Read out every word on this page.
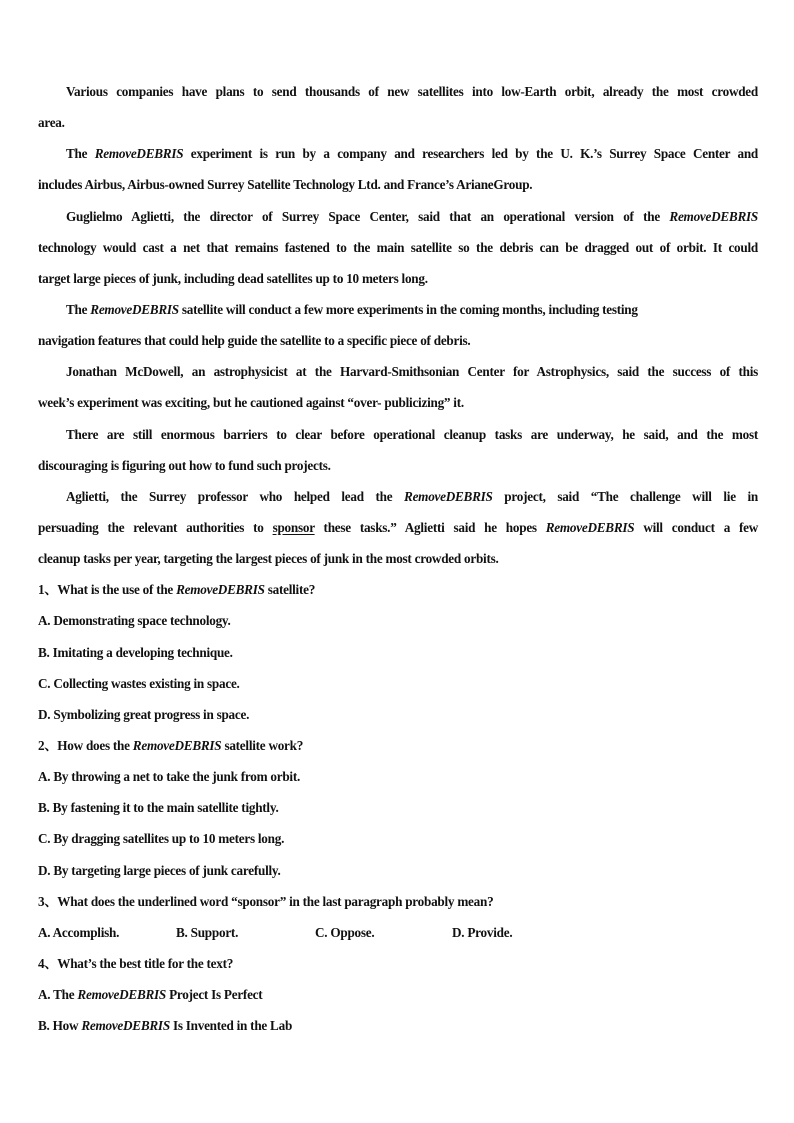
Various companies have plans to send thousands of new satellites into low-Earth orbit, already the most crowded
area.
The RemoveDEBRIS experiment is run by a company and researchers led by the U. K.’s Surrey Space Center and
includes Airbus, Airbus-owned Surrey Satellite Technology Ltd. and France’s ArianeGroup.
Guglielmo Aglietti, the director of Surrey Space Center, said that an operational version of the RemoveDEBRIS
technology would cast a net that remains fastened to the main satellite so the debris can be dragged out of orbit. It could
target large pieces of junk, including dead satellites up to 10 meters long.
The RemoveDEBRIS satellite will conduct a few more experiments in the coming months, including testing
navigation features that could help guide the satellite to a specific piece of debris.
Jonathan McDowell, an astrophysicist at the Harvard-Smithsonian Center for Astrophysics, said the success of this
week’s experiment was exciting, but he cautioned against “over- publicizing” it.
There are still enormous barriers to clear before operational cleanup tasks are underway, he said, and the most
discouraging is figuring out how to fund such projects.
Aglietti, the Surrey professor who helped lead the RemoveDEBRIS project, said “The challenge will lie in
persuading the relevant authorities to sponsor these tasks.” Aglietti said he hopes RemoveDEBRIS will conduct a few
cleanup tasks per year, targeting the largest pieces of junk in the most crowded orbits.
1、What is the use of the RemoveDEBRIS satellite?
A. Demonstrating space technology.
B. Imitating a developing technique.
C. Collecting wastes existing in space.
D. Symbolizing great progress in space.
2、How does the RemoveDEBRIS satellite work?
A. By throwing a net to take the junk from orbit.
B. By fastening it to the main satellite tightly.
C. By dragging satellites up to 10 meters long.
D. By targeting large pieces of junk carefully.
3、What does the underlined word “sponsor” in the last paragraph probably mean?
A. Accomplish.	B. Support.	C. Oppose.	D. Provide.
4、What’s the best title for the text?
A. The RemoveDEBRIS Project Is Perfect
B. How RemoveDEBRIS Is Invented in the Lab
